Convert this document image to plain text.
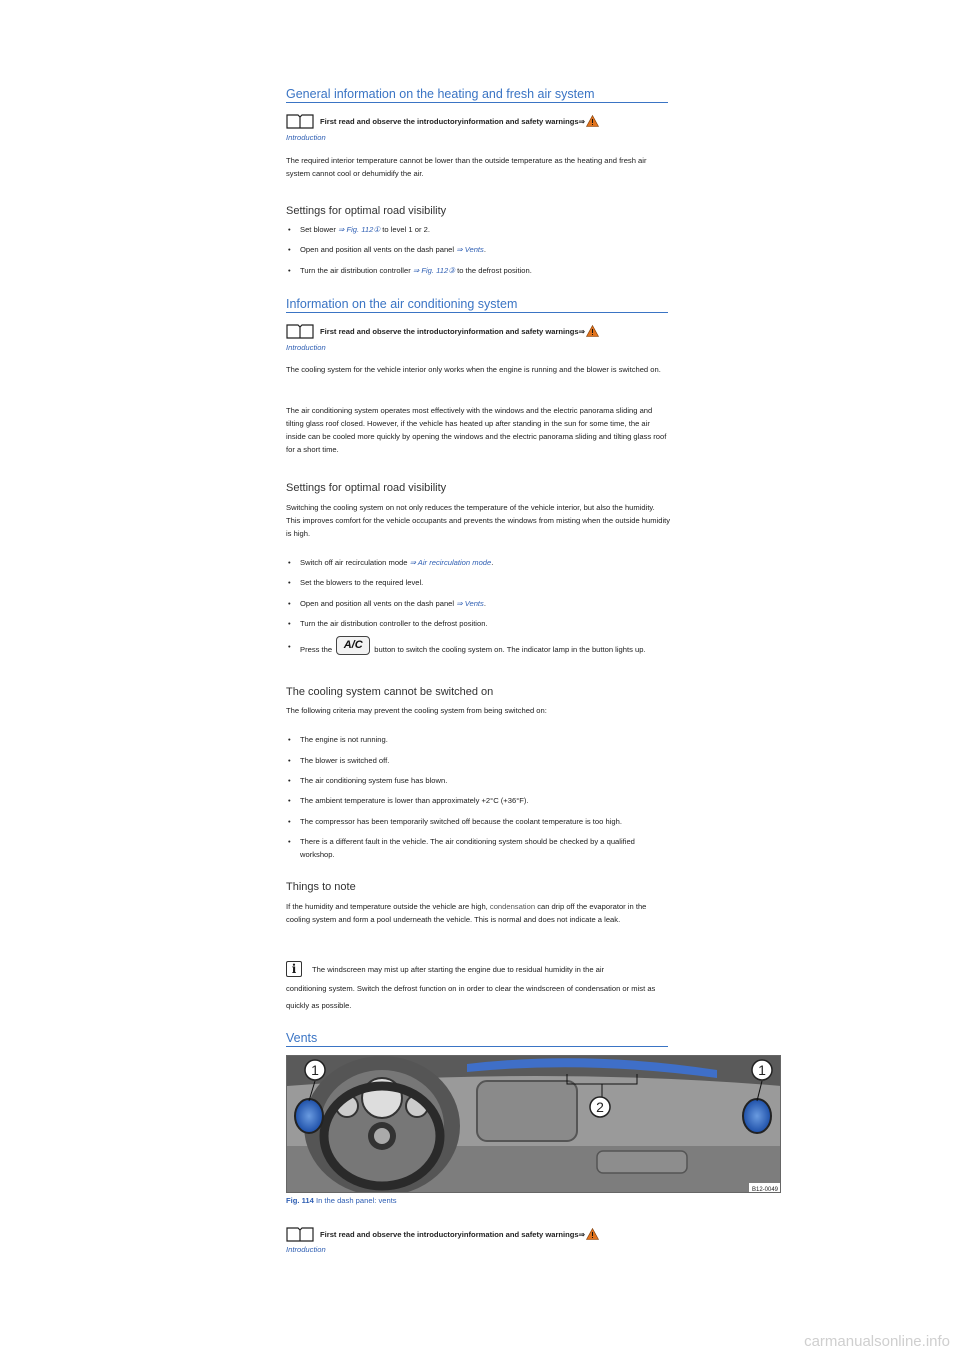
General information on the heating and fresh air system
First read and observe the introductoryinformation and safety warnings⇒
Introduction
The required interior temperature cannot be lower than the outside temperature as the heating and fresh air system cannot cool or dehumidify the air.
Settings for optimal road visibility
• Set blower ⇒ Fig. 112① to level 1 or 2.
• Open and position all vents on the dash panel ⇒ Vents.
• Turn the air distribution controller ⇒ Fig. 112③ to the defrost position.
Information on the air conditioning system
First read and observe the introductoryinformation and safety warnings⇒
Introduction
The cooling system for the vehicle interior only works when the engine is running and the blower is switched on.
The air conditioning system operates most effectively with the windows and the electric panorama sliding and tilting glass roof closed. However, if the vehicle has heated up after standing in the sun for some time, the air inside can be cooled more quickly by opening the windows and the electric panorama sliding and tilting glass roof for a short time.
Settings for optimal road visibility
Switching the cooling system on not only reduces the temperature of the vehicle interior, but also the humidity. This improves comfort for the vehicle occupants and prevents the windows from misting when the outside humidity is high.
• Switch off air recirculation mode ⇒ Air recirculation mode.
• Set the blowers to the required level.
• Open and position all vents on the dash panel ⇒ Vents.
• Turn the air distribution controller to the defrost position.
• Press the A/C button to switch the cooling system on. The indicator lamp in the button lights up.
The cooling system cannot be switched on
The following criteria may prevent the cooling system from being switched on:
• The engine is not running.
• The blower is switched off.
• The air conditioning system fuse has blown.
• The ambient temperature is lower than approximately +2°C (+36°F).
• The compressor has been temporarily switched off because the coolant temperature is too high.
• There is a different fault in the vehicle. The air conditioning system should be checked by a qualified workshop.
Things to note
If the humidity and temperature outside the vehicle are high, condensation can drip off the evaporator in the cooling system and form a pool underneath the vehicle. This is normal and does not indicate a leak.
i	The windscreen may mist up after starting the engine due to residual humidity in the air
conditioning system. Switch the defrost function on in order to clear the windscreen of condensation or mist as quickly as possible.
Vents
1	1
2
B12-0049
Fig. 114 In the dash panel: vents
First read and observe the introductoryinformation and safety warnings⇒
Introduction
carmanualsonline.info
